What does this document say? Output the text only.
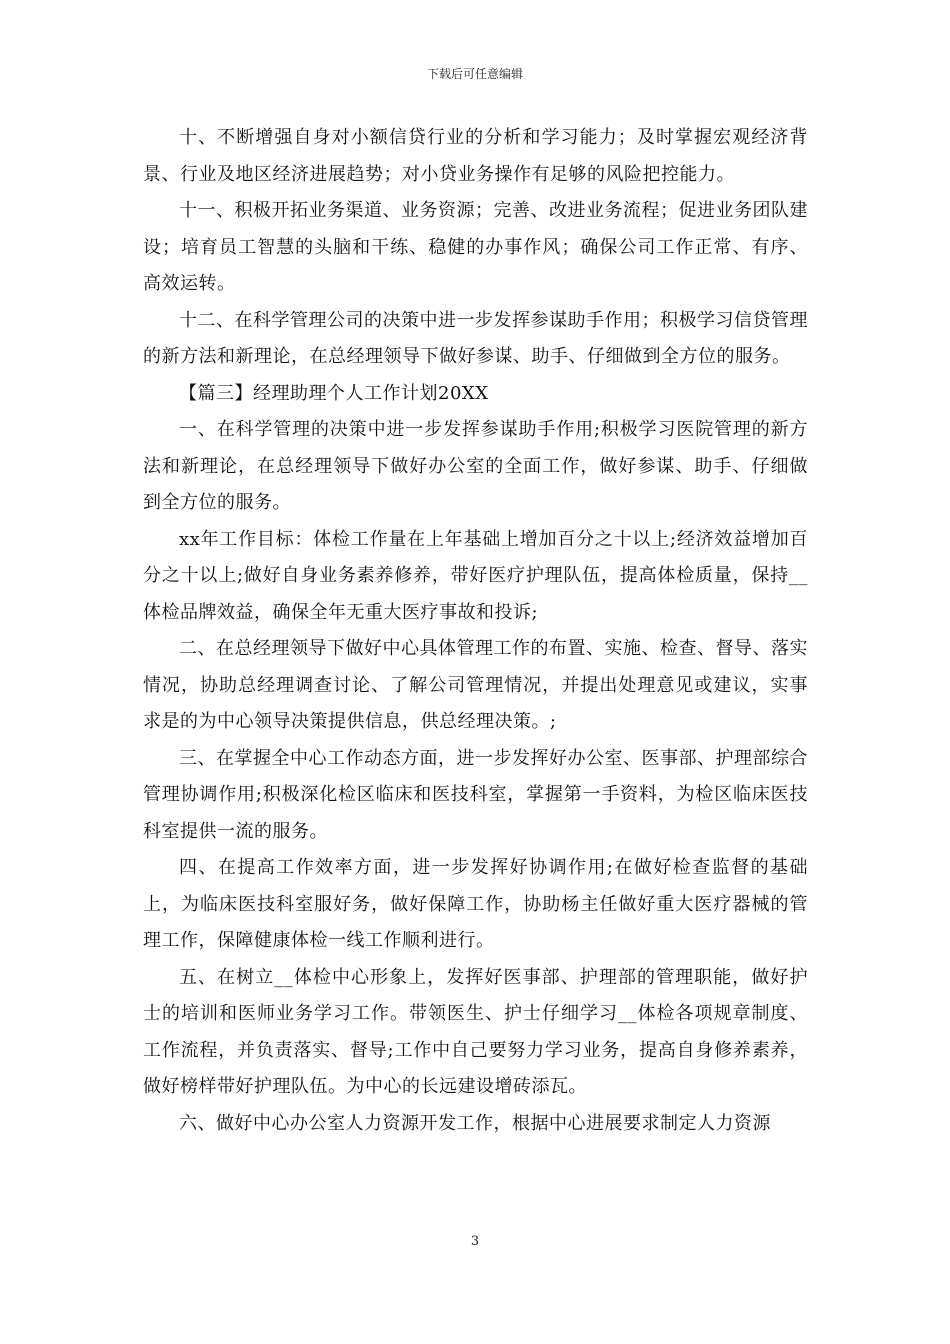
下载后可任意编辑

十、不断增强自身对小额信贷行业的分析和学习能力；及时掌握宏观经济背景、行业及地区经济进展趋势；对小贷业务操作有足够的风险把控能力。

十一、积极开拓业务渠道、业务资源；完善、改进业务流程；促进业务团队建设；培育员工智慧的头脑和干练、稳健的办事作风；确保公司工作正常、有序、高效运转。

十二、在科学管理公司的决策中进一步发挥参谋助手作用；积极学习信贷管理的新方法和新理论，在总经理领导下做好参谋、助手、仔细做到全方位的服务。

【篇三】经理助理个人工作计划20XX

一、在科学管理的决策中进一步发挥参谋助手作用;积极学习医院管理的新方法和新理论，在总经理领导下做好办公室的全面工作，做好参谋、助手、仔细做到全方位的服务。

xx年工作目标：体检工作量在上年基础上增加百分之十以上;经济效益增加百分之十以上;做好自身业务素养修养，带好医疗护理队伍，提高体检质量，保持__体检品牌效益，确保全年无重大医疗事故和投诉;

二、在总经理领导下做好中心具体管理工作的布置、实施、检查、督导、落实情况，协助总经理调查讨论、了解公司管理情况，并提出处理意见或建议，实事求是的为中心领导决策提供信息，供总经理决策。;

三、在掌握全中心工作动态方面，进一步发挥好办公室、医事部、护理部综合管理协调作用;积极深化检区临床和医技科室，掌握第一手资料，为检区临床医技科室提供一流的服务。

四、在提高工作效率方面，进一步发挥好协调作用;在做好检查监督的基础上，为临床医技科室服好务，做好保障工作，协助杨主任做好重大医疗器械的管理工作，保障健康体检一线工作顺利进行。

五、在树立__体检中心形象上，发挥好医事部、护理部的管理职能，做好护士的培训和医师业务学习工作。带领医生、护士仔细学习__体检各项规章制度、工作流程，并负责落实、督导;工作中自己要努力学习业务，提高自身修养素养，做好榜样带好护理队伍。为中心的长远建设增砖添瓦。

六、做好中心办公室人力资源开发工作，根据中心进展要求制定人力资源

3
